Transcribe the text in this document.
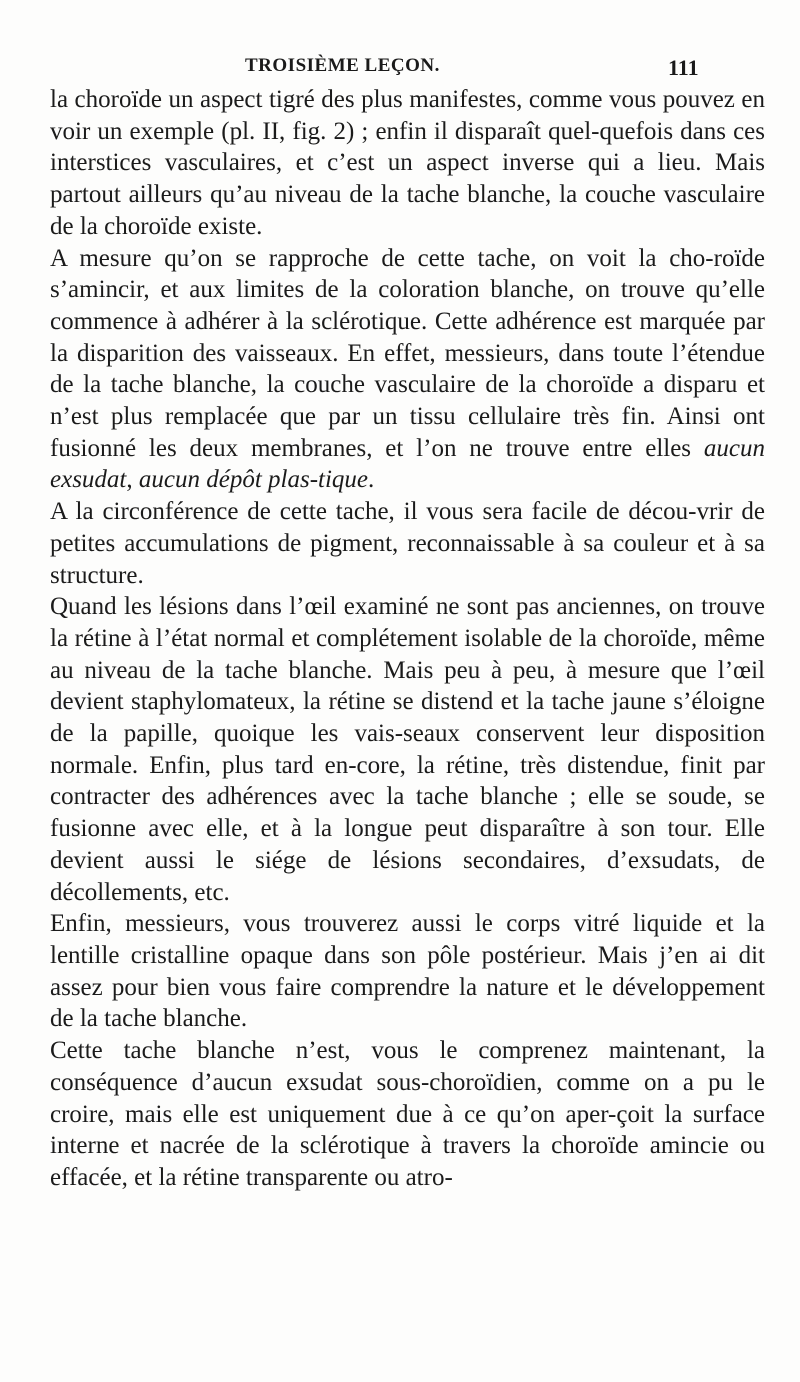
TROISIÈME LEÇON.	111

la choroïde un aspect tigré des plus manifestes, comme vous pouvez en voir un exemple (pl. II, fig. 2) ; enfin il disparaît quel-quefois dans ces interstices vasculaires, et c’est un aspect inverse qui a lieu. Mais partout ailleurs qu’au niveau de la tache blanche, la couche vasculaire de la choroïde existe.

A mesure qu’on se rapproche de cette tache, on voit la cho-roïde s’amincir, et aux limites de la coloration blanche, on trouve qu’elle commence à adhérer à la sclérotique. Cette adhérence est marquée par la disparition des vaisseaux. En effet, messieurs, dans toute l’étendue de la tache blanche, la couche vasculaire de la choroïde a disparu et n’est plus remplacée que par un tissu cellulaire très fin. Ainsi ont fusionné les deux membranes, et l’on ne trouve entre elles aucun exsudat, aucun dépôt plas-tique.

A la circonférence de cette tache, il vous sera facile de décou-vrir de petites accumulations de pigment, reconnaissable à sa couleur et à sa structure.

Quand les lésions dans l’œil examiné ne sont pas anciennes, on trouve la rétine à l’état normal et complétement isolable de la choroïde, même au niveau de la tache blanche. Mais peu à peu, à mesure que l’œil devient staphylomateux, la rétine se distend et la tache jaune s’éloigne de la papille, quoique les vais-seaux conservent leur disposition normale. Enfin, plus tard en-core, la rétine, très distendue, finit par contracter des adhérences avec la tache blanche ; elle se soude, se fusionne avec elle, et à la longue peut disparaître à son tour. Elle devient aussi le siége de lésions secondaires, d’exsudats, de décollements, etc.

Enfin, messieurs, vous trouverez aussi le corps vitré liquide et la lentille cristalline opaque dans son pôle postérieur. Mais j’en ai dit assez pour bien vous faire comprendre la nature et le développement de la tache blanche.

Cette tache blanche n’est, vous le comprenez maintenant, la conséquence d’aucun exsudat sous-choroïdien, comme on a pu le croire, mais elle est uniquement due à ce qu’on aper-çoit la surface interne et nacrée de la sclérotique à travers la choroïde amincie ou effacée, et la rétine transparente ou atro-
